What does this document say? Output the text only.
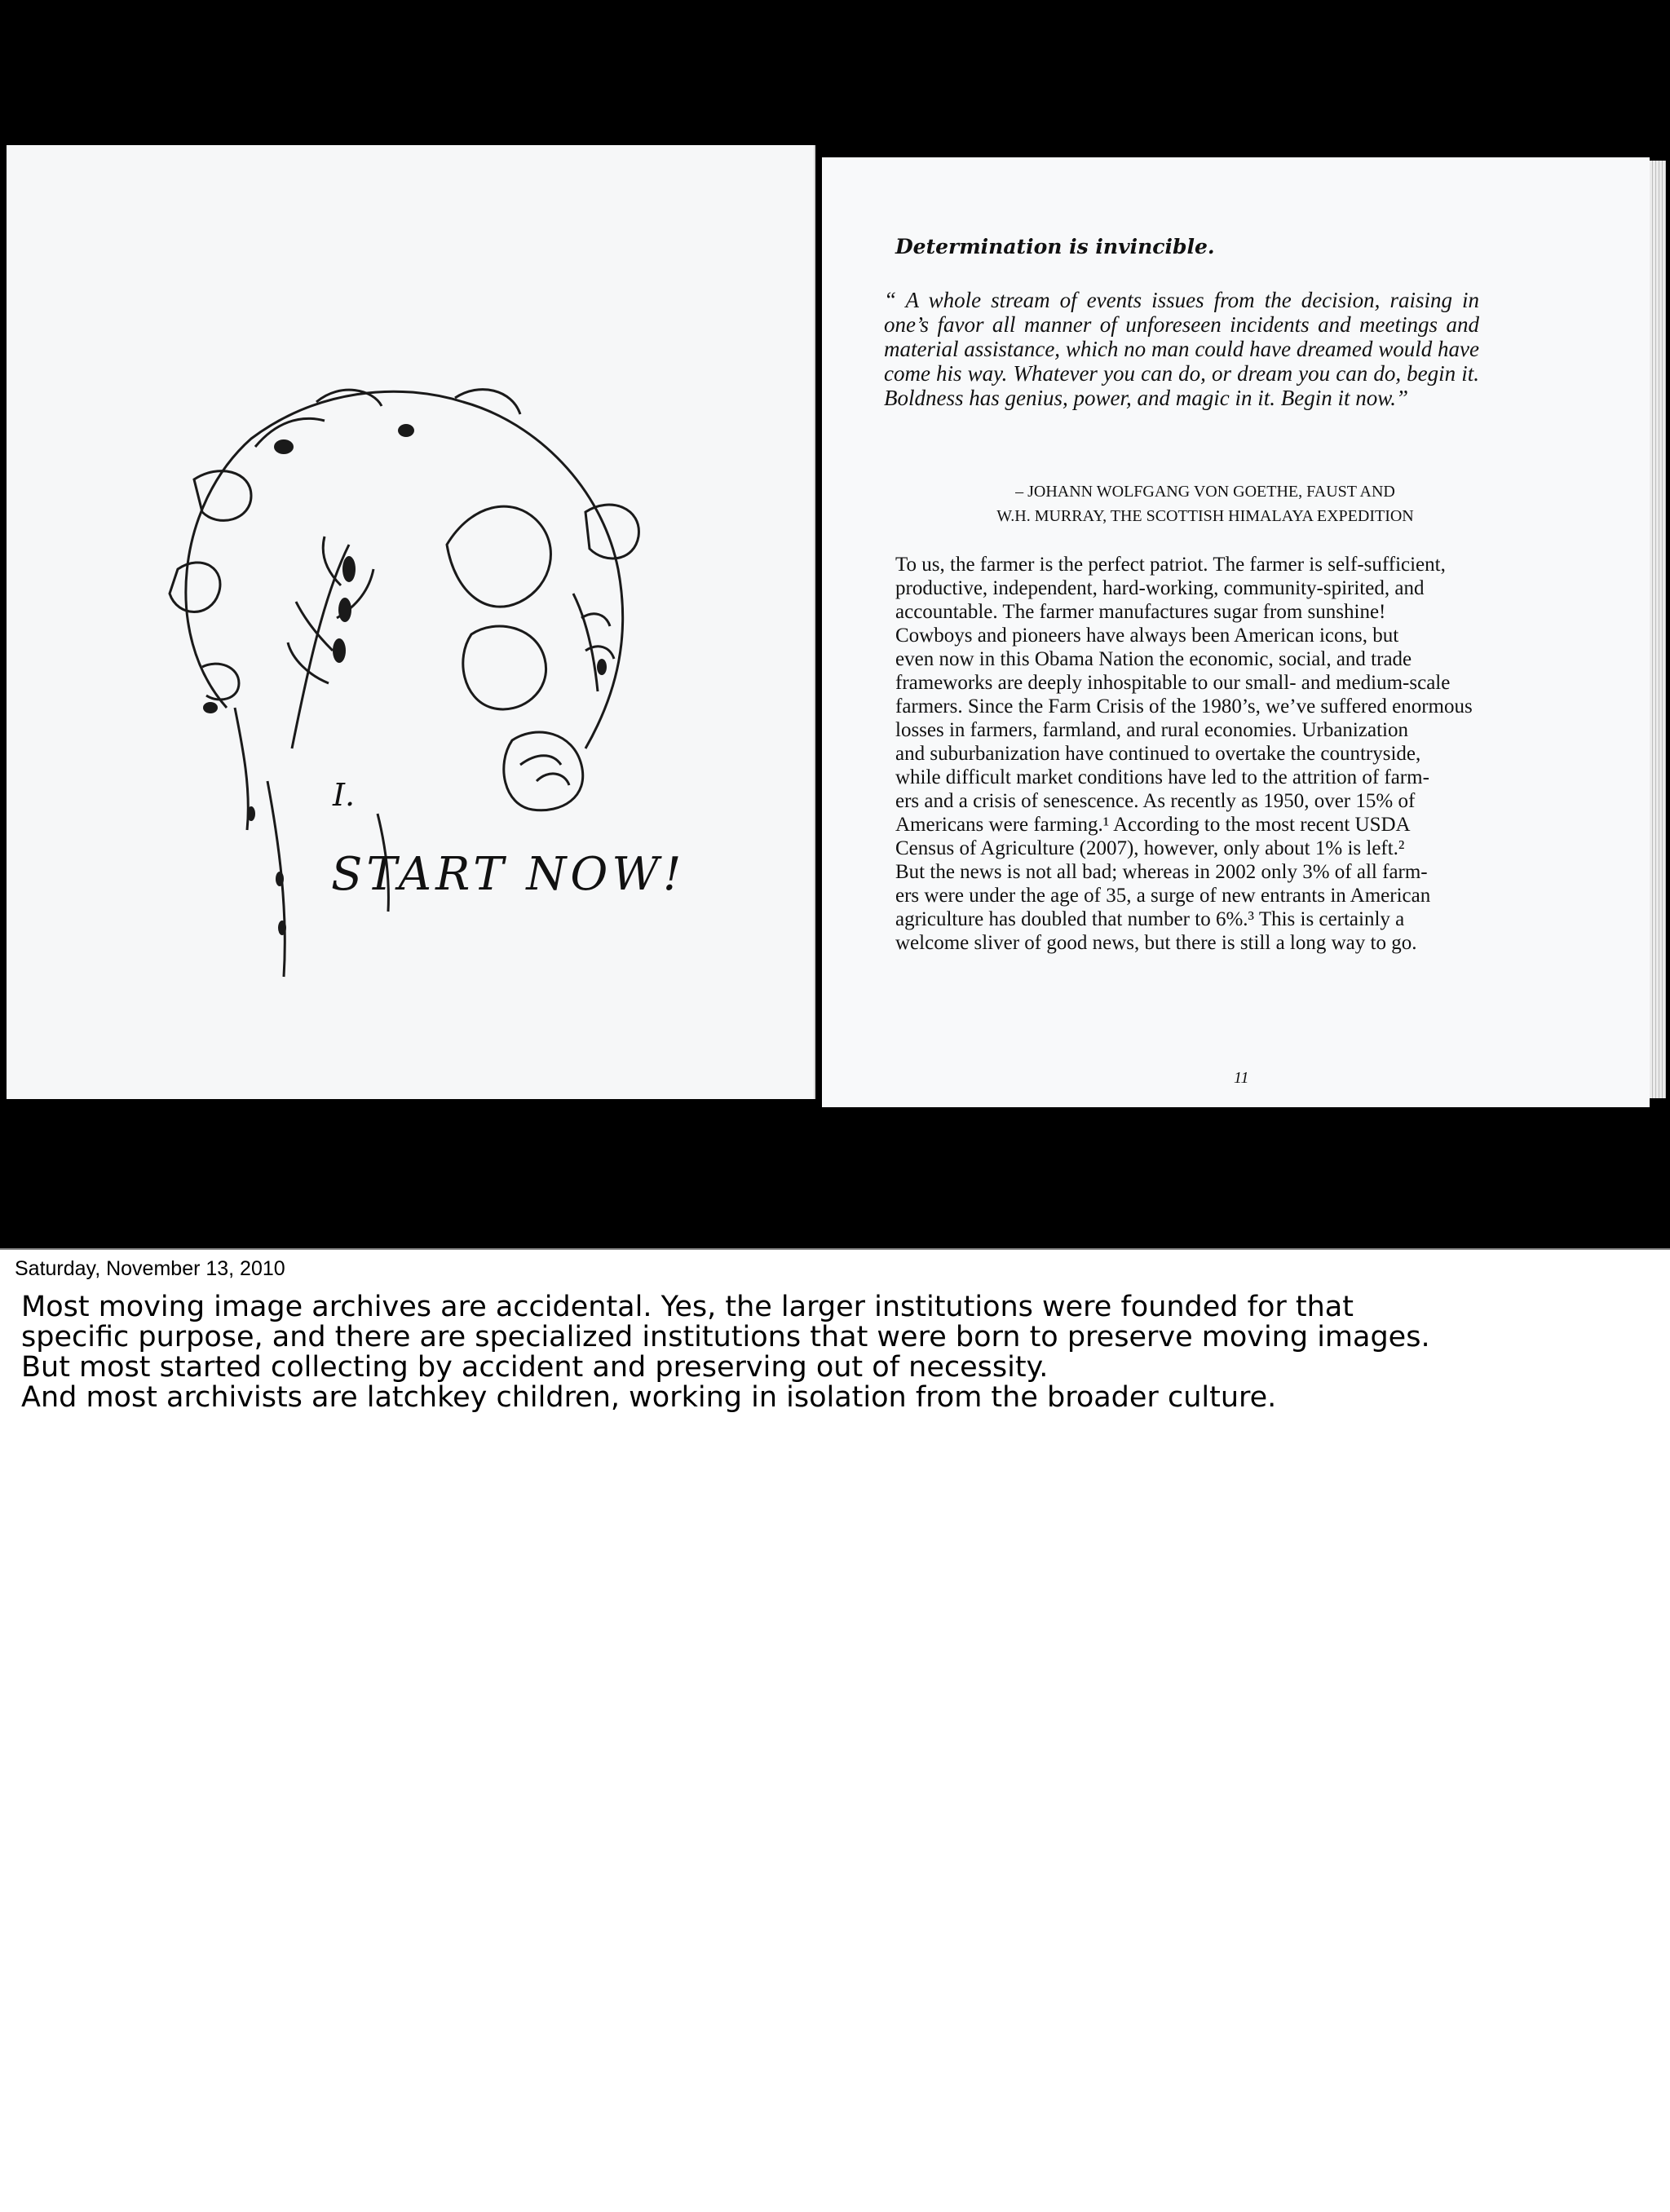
I.

START NOW!
Determination is invincible.

“ A whole stream of events issues from the decision, raising in one’s favor all manner of unforeseen incidents and meetings and material assistance, which no man could have dreamed would have come his way. Whatever you can do, or dream you can do, begin it. Boldness has genius, power, and magic in it. Begin it now.”

– JOHANN WOLFGANG VON GOETHE, FAUST AND
W.H. MURRAY, THE SCOTTISH HIMALAYA EXPEDITION
To us, the farmer is the perfect patriot. The farmer is self-sufficient,
productive, independent, hard-working, community-spirited, and
accountable. The farmer manufactures sugar from sunshine!
Cowboys and pioneers have always been American icons, but
even now in this Obama Nation the economic, social, and trade
frameworks are deeply inhospitable to our small- and medium-scale
farmers. Since the Farm Crisis of the 1980’s, we’ve suffered enormous
losses in farmers, farmland, and rural economies. Urbanization
and suburbanization have continued to overtake the countryside,
while difficult market conditions have led to the attrition of farm-
ers and a crisis of senescence. As recently as 1950, over 15% of
Americans were farming.¹ According to the most recent USDA
Census of Agriculture (2007), however, only about 1% is left.²
But the news is not all bad; whereas in 2002 only 3% of all farm-
ers were under the age of 35, a surge of new entrants in American
agriculture has doubled that number to 6%.³ This is certainly a
welcome sliver of good news, but there is still a long way to go.

11

Saturday, November 13, 2010

Most moving image archives are accidental. Yes, the larger institutions were founded for that

specific purpose, and there are specialized institutions that were born to preserve moving images.

But most started collecting by accident and preserving out of necessity.

And most archivists are latchkey children, working in isolation from the broader culture.
